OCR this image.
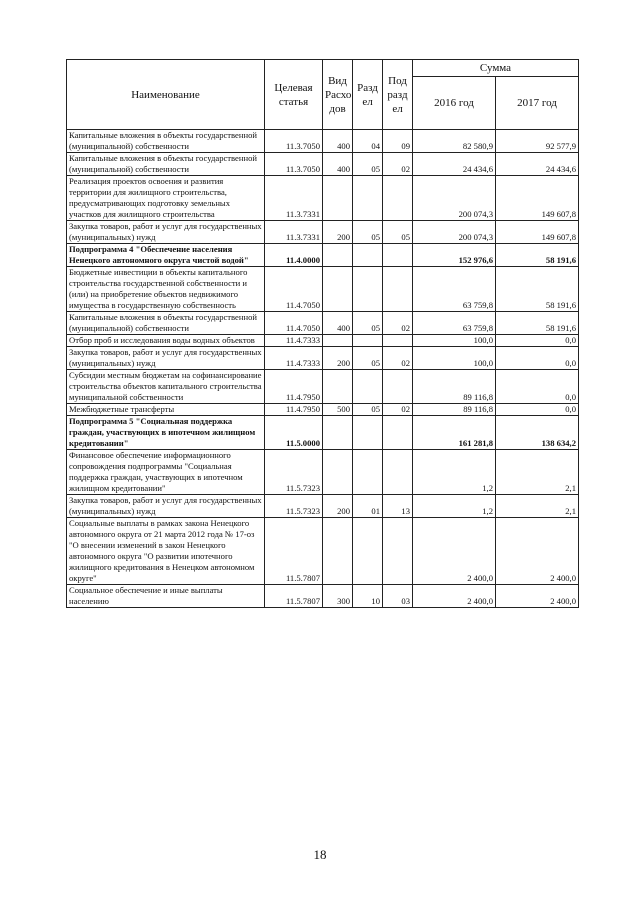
Наименование	Целевая статья	Вид Расхо дов	Разд ел	Под разд ел	Сумма	
					2016 год	2017 год
Капитальные вложения в объекты государственной (муниципальной) собственности	11.3.7050	400	04	09	82 580,9	92 577,9
Капитальные вложения в объекты государственной (муниципальной) собственности	11.3.7050	400	05	02	24 434,6	24 434,6
Реализация проектов освоения и развития территории для жилищного строительства, предусматривающих подготовку земельных участков для жилищного строительства	11.3.7331				200 074,3	149 607,8
Закупка товаров, работ и услуг для государственных (муниципальных) нужд	11.3.7331	200	05	05	200 074,3	149 607,8
Подпрограмма 4 "Обеспечение населения Ненецкого автономного округа чистой водой"	11.4.0000				152 976,6	58 191,6
Бюджетные инвестиции в объекты капитального строительства государственной собственности и (или) на приобретение объектов недвижимого имущества в государственную собственность	11.4.7050				63 759,8	58 191,6
Капитальные вложения в объекты государственной (муниципальной) собственности	11.4.7050	400	05	02	63 759,8	58 191,6
Отбор проб и исследования воды водных объектов	11.4.7333				100,0	0,0
Закупка товаров, работ и услуг для государственных (муниципальных) нужд	11.4.7333	200	05	02	100,0	0,0
Субсидии местным бюджетам на софинансирование строительства объектов капитального строительства муниципальной собственности	11.4.7950				89 116,8	0,0
Межбюджетные трансферты	11.4.7950	500	05	02	89 116,8	0,0
Подпрограмма 5 "Социальная поддержка граждан, участвующих в ипотечном жилищном кредитовании"	11.5.0000				161 281,8	138 634,2
Финансовое обеспечение информационного сопровождения подпрограммы "Социальная поддержка граждан, участвующих в ипотечном жилищном кредитовании"	11.5.7323				1,2	2,1
Закупка товаров, работ и услуг для государственных (муниципальных) нужд	11.5.7323	200	01	13	1,2	2,1
Социальные выплаты в рамках закона Ненецкого автономного округа от 21 марта 2012 года № 17-оз "О внесении изменений в закон Ненецкого автономного округа "О развитии ипотечного жилищного кредитования в Ненецком автономном округе"	11.5.7807				2 400,0	2 400,0
Социальное обеспечение и иные выплаты населению	11.5.7807	300	10	03	2 400,0	2 400,0
18
